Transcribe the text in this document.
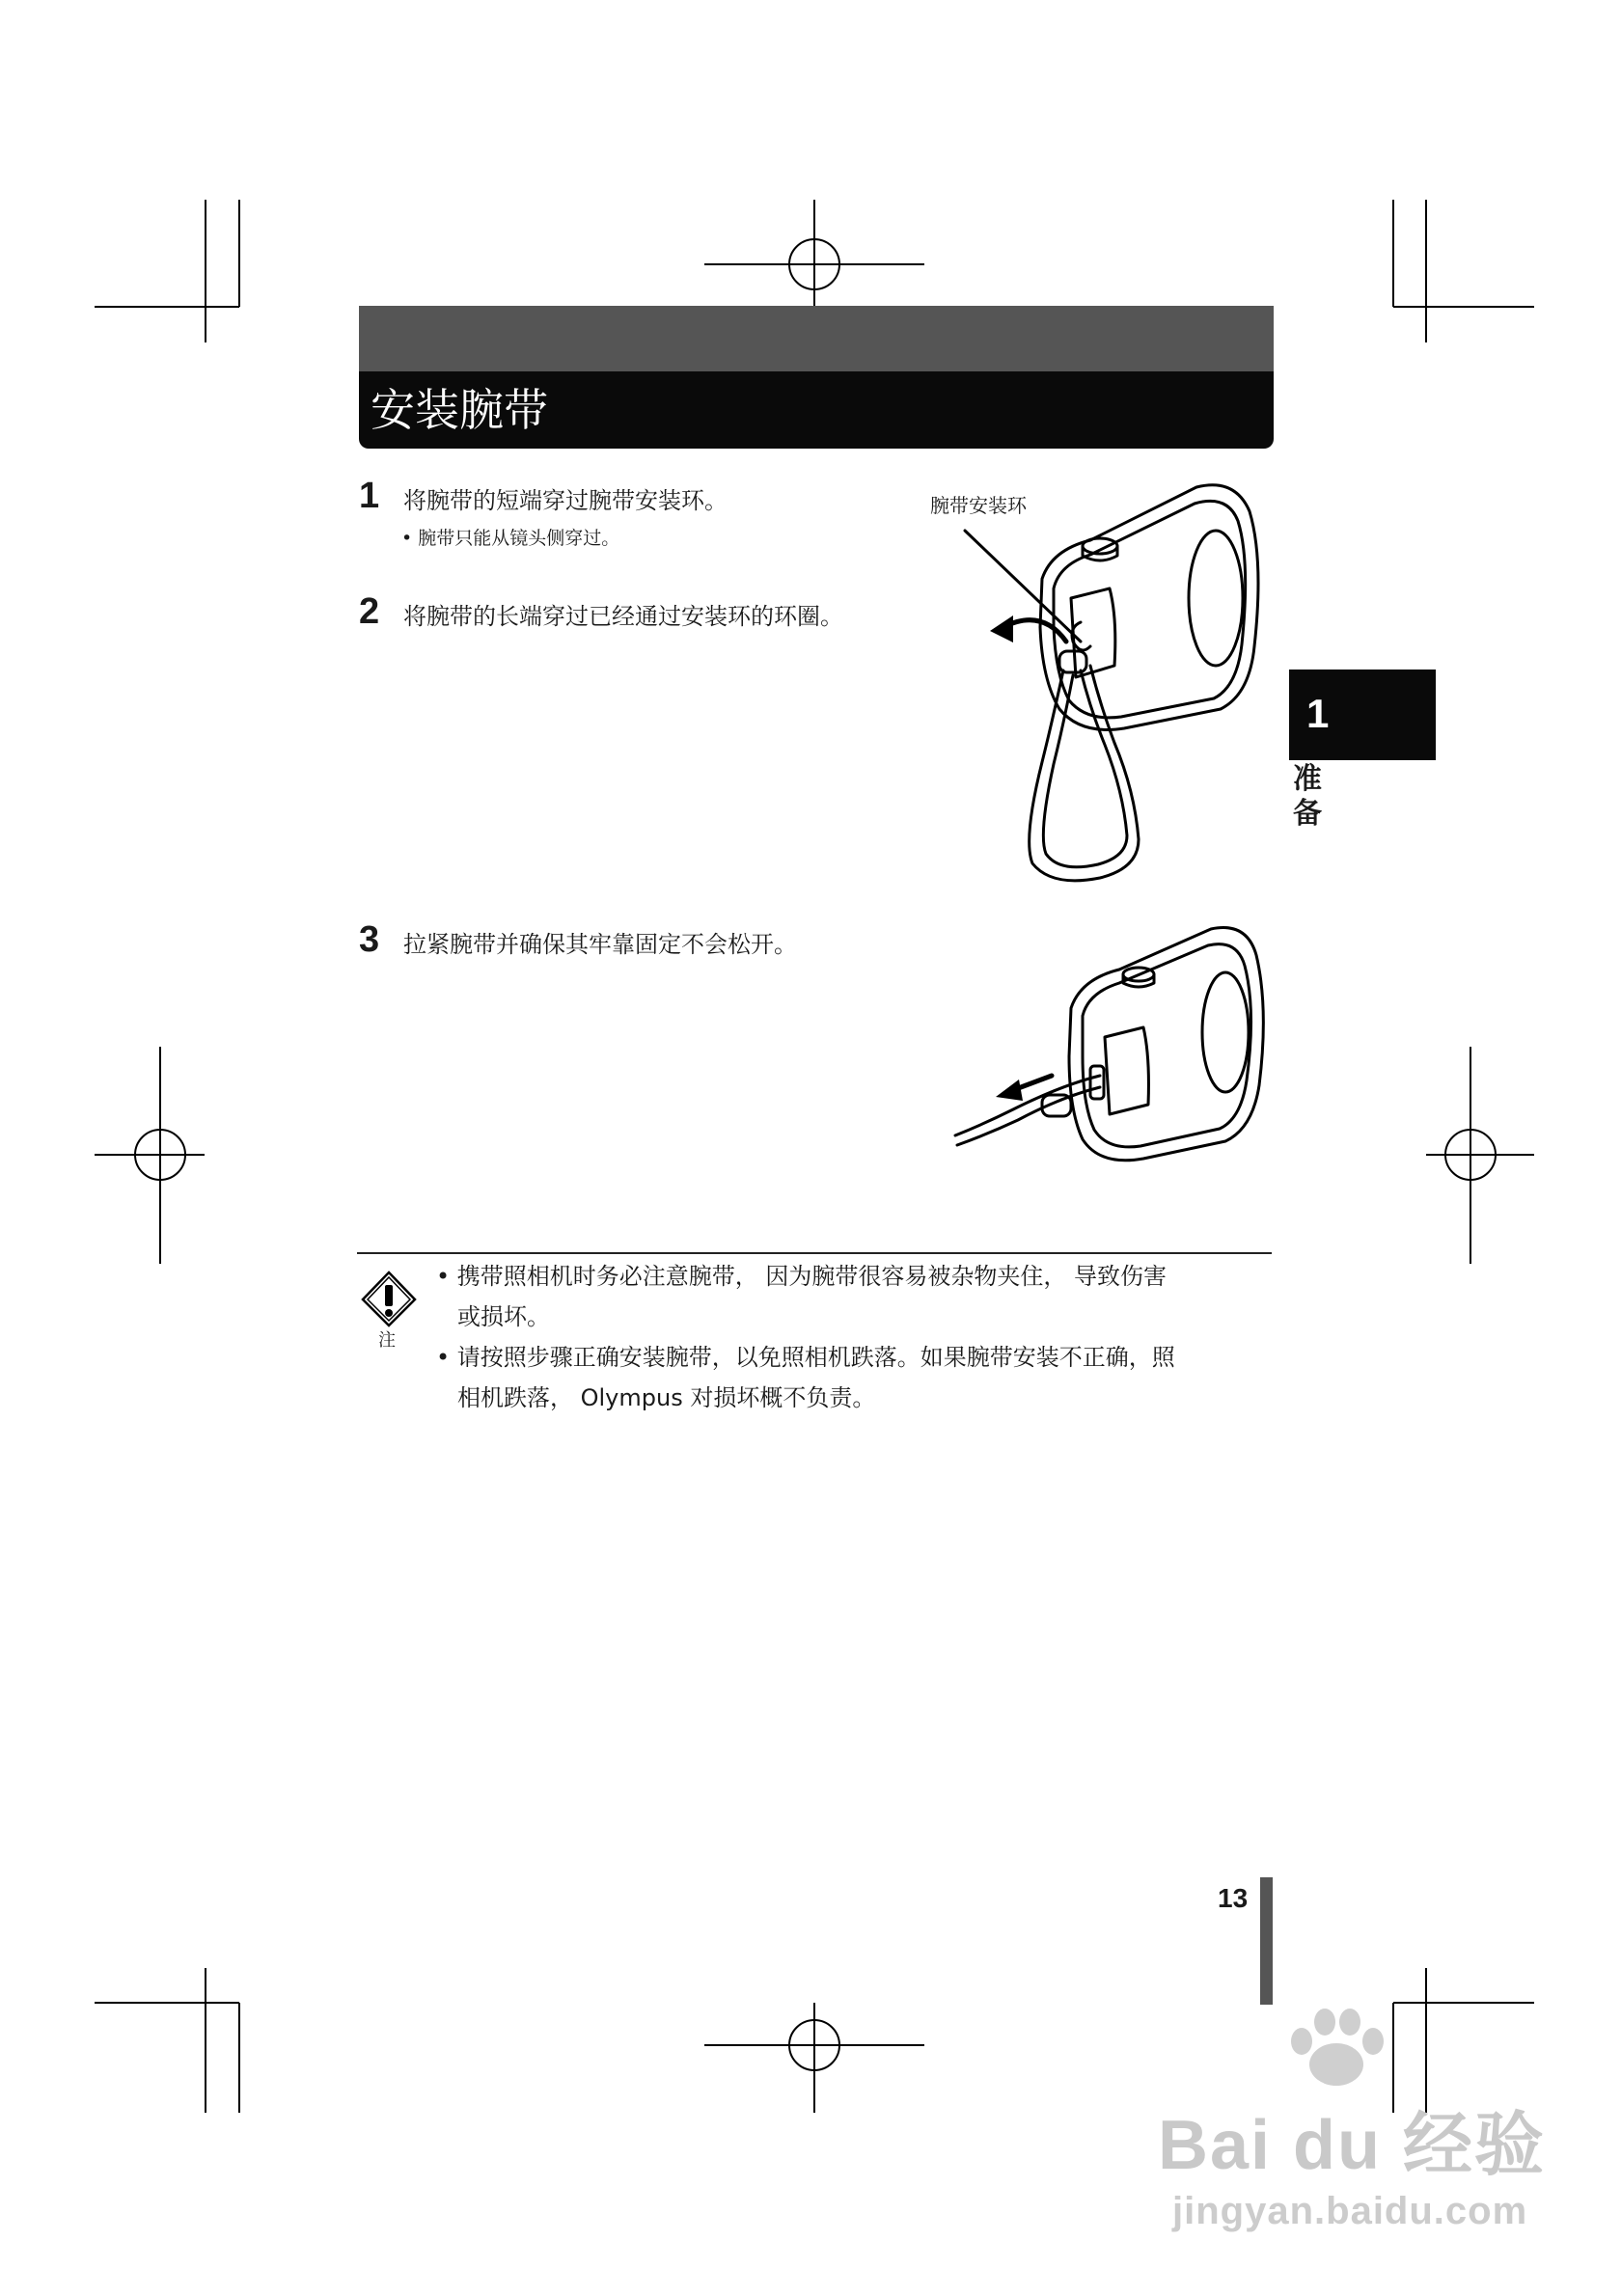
安装腕带
1 将腕带的短端穿过腕带安装环。
• 腕带只能从镜头侧穿过。
2 将腕带的长端穿过已经通过安装环的环圈。
3 拉紧腕带并确保其牢靠固定不会松开。
腕带安装环
1
准
备
注
• 携带照相机时务必注意腕带， 因为腕带很容易被杂物夹住， 导致伤害
或损坏。
• 请按照步骤正确安装腕带，以免照相机跌落。如果腕带安装不正确，照
相机跌落， Olympus 对损坏概不负责。
13
Bai du 经验
jingyan.baidu.com
